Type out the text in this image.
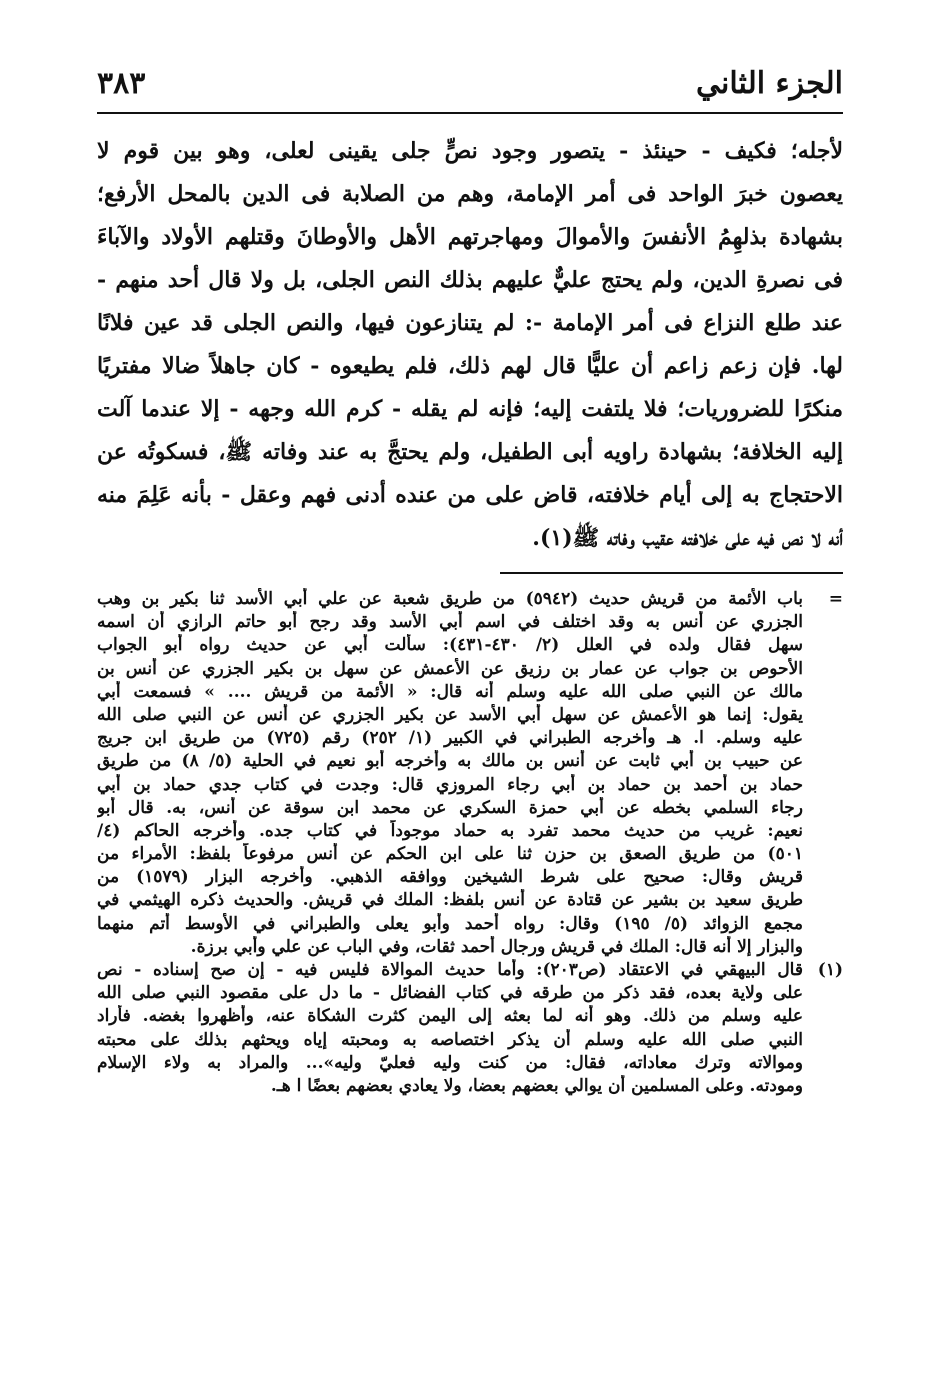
٣٨٣	الجزء الثاني
لأجله؛ فكيف - حينئذ - يتصور وجود نصٍّ جلى يقينى لعلى، وهو بين قوم لا
يعصون خبرَ الواحد فى أمر الإمامة، وهم من الصلابة فى الدين بالمحل الأرفع؛
بشهادة بذلهِمُ الأنفسَ والأموالَ ومهاجرتهم الأهل والأوطانَ وقتلهم الأولاد والآباءَ
فى نصرةِ الدين، ولم يحتج عليٌّ عليهم بذلك النص الجلى، بل ولا قال أحد منهم -
عند طلع النزاع فى أمر الإمامة -: لم يتنازعون فيها، والنص الجلى قد عين فلانًا
لها. فإن زعم زاعم أن عليًّا قال لهم ذلك، فلم يطيعوه - كان جاهلاً ضالا مفتريًا
منكرًا للضروريات؛ فلا يلتفت إليه؛ فإنه لم يقله - كرم الله وجهه - إلا عندما آلت
إليه الخلافة؛ بشهادة راويه أبى الطفيل، ولم يحتجَّ به عند وفاته ﷺ، فسكوتُه عن
الاحتجاج به إلى أيام خلافته، قاض على من عنده أدنى فهم وعقل - بأنه عَلِمَ منه
أنه لا نص فيه على خلافته عقيب وفاته ﷺ(١).
=
باب الأئمة من قريش حديث (٥٩٤٢) من طريق شعبة عن علي أبي الأسد ثنا بكير بن وهب
الجزري عن أنس به وقد اختلف في اسم أبي الأسد وقد رجح أبو حاتم الرازي أن اسمه
سهل فقال ولده في العلل (٢/ ٤٣٠-٤٣١): سألت أبي عن حديث رواه أبو الجواب
الأحوص بن جواب عن عمار بن رزيق عن الأعمش عن سهل بن بكير الجزري عن أنس بن
مالك عن النبي صلى الله عليه وسلم أنه قال: « الأئمة من قريش .... » فسمعت أبي
يقول: إنما هو الأعمش عن سهل أبي الأسد عن بكير الجزري عن أنس عن النبي صلى الله
عليه وسلم. ا. هـ وأخرجه الطبراني في الكبير (١/ ٢٥٢) رقم (٧٢٥) من طريق ابن جريج
عن حبيب بن أبي ثابت عن أنس بن مالك به وأخرجه أبو نعيم في الحلية (٥/ ٨) من طريق
حماد بن أحمد بن حماد بن أبي رجاء المروزي قال: وجدت في كتاب جدي حماد بن أبي
رجاء السلمي بخطه عن أبي حمزة السكري عن محمد ابن سوقة عن أنس، به. قال أبو
نعيم: غريب من حديث محمد تفرد به حماد موجوداً في كتاب جده. وأخرجه الحاكم (٤/
٥٠١) من طريق الصعق بن حزن ثنا على ابن الحكم عن أنس مرفوعاً بلفظ: الأمراء من
قريش وقال: صحيح على شرط الشيخين ووافقه الذهبي. وأخرجه البزار (١٥٧٩) من
طريق سعيد بن بشير عن قتادة عن أنس بلفظ: الملك في قريش. والحديث ذكره الهيثمي في
مجمع الزوائد (٥/ ١٩٥) وقال: رواه أحمد وأبو يعلى والطبراني في الأوسط أتم منهما
والبزار إلا أنه قال: الملك في قريش ورجال أحمد ثقات، وفي الباب عن علي وأبي برزة.
(١)
قال البيهقي في الاعتقاد (ص٢٠٣): وأما حديث الموالاة فليس فيه - إن صح إسناده - نص
على ولاية بعده، فقد ذكر من طرقه في كتاب الفضائل - ما دل على مقصود النبي صلى الله
عليه وسلم من ذلك. وهو أنه لما بعثه إلى اليمن كثرت الشكاة عنه، وأظهروا بغضه. فأراد
النبي صلى الله عليه وسلم أن يذكر اختصاصه به ومحبته إياه ويحثهم بذلك على محبته
وموالاته وترك معاداته، فقال: من كنت وليه فعليّ وليه»... والمراد به ولاء الإسلام
ومودته. وعلى المسلمين أن يوالي بعضهم بعضا، ولا يعادي بعضهم بعضًا ا هـ.
